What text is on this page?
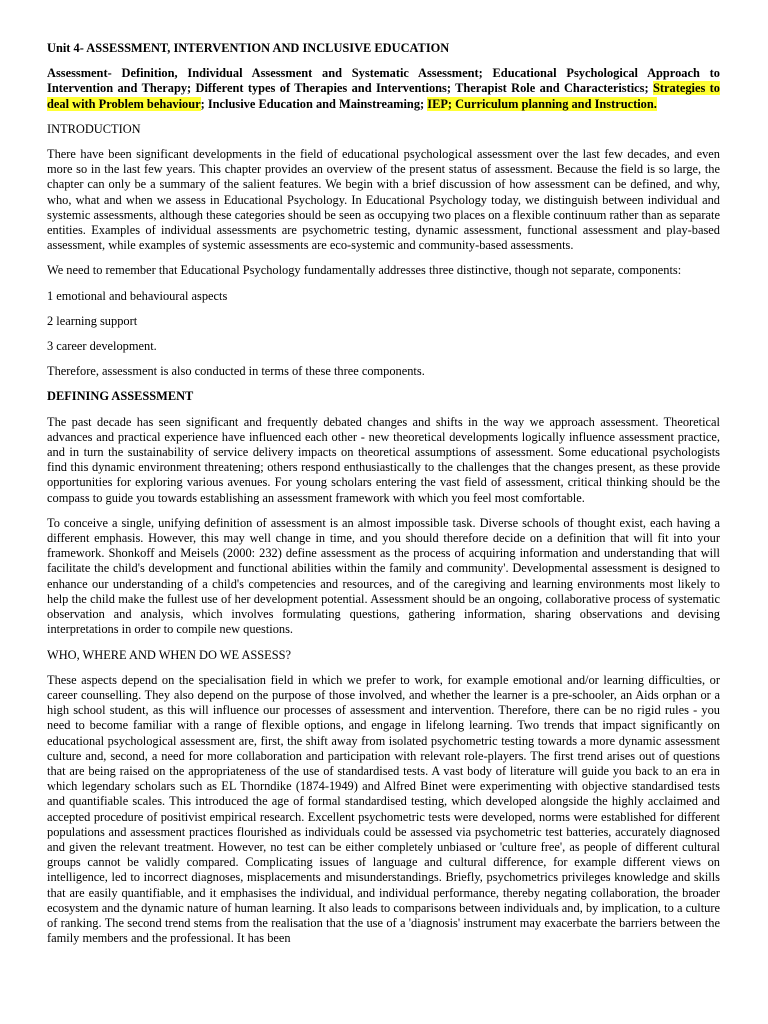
Unit 4- ASSESSMENT, INTERVENTION AND INCLUSIVE EDUCATION

Assessment- Definition, Individual Assessment and Systematic Assessment; Educational Psychological Approach to Intervention and Therapy; Different types of Therapies and Interventions; Therapist Role and Characteristics; Strategies to deal with Problem behaviour; Inclusive Education and Mainstreaming; IEP; Curriculum planning and Instruction.

INTRODUCTION

There have been significant developments in the field of educational psychological assessment over the last few decades, and even more so in the last few years. This chapter provides an overview of the present status of assessment. Because the field is so large, the chapter can only be a summary of the salient features. We begin with a brief discussion of how assessment can be defined, and why, who, what and when we assess in Educational Psychology. In Educational Psychology today, we distinguish between individual and systemic assessments, although these categories should be seen as occupying two places on a flexible continuum rather than as separate entities. Examples of individual assessments are psychometric testing, dynamic assessment, functional assessment and play-based assessment, while examples of systemic assessments are eco-systemic and community-based assessments.

We need to remember that Educational Psychology fundamentally addresses three distinctive, though not separate, components:

1 emotional and behavioural aspects

2 learning support

3 career development.

Therefore, assessment is also conducted in terms of these three components.

DEFINING ASSESSMENT

The past decade has seen significant and frequently debated changes and shifts in the way we approach assessment. Theoretical advances and practical experience have influenced each other - new theoretical developments logically influence assessment practice, and in turn the sustainability of service delivery impacts on theoretical assumptions of assessment. Some educational psychologists find this dynamic environment threatening; others respond enthusiastically to the challenges that the changes present, as these provide opportunities for exploring various avenues. For young scholars entering the vast field of assessment, critical thinking should be the compass to guide you towards establishing an assessment framework with which you feel most comfortable.

To conceive a single, unifying definition of assessment is an almost impossible task. Diverse schools of thought exist, each having a different emphasis. However, this may well change in time, and you should therefore decide on a definition that will fit into your framework. Shonkoff and Meisels (2000: 232) define assessment as the process of acquiring information and understanding that will facilitate the child's development and functional abilities within the family and community'. Developmental assessment is designed to enhance our understanding of a child's competencies and resources, and of the caregiving and learning environments most likely to help the child make the fullest use of her development potential. Assessment should be an ongoing, collaborative process of systematic observation and analysis, which involves formulating questions, gathering information, sharing observations and devising interpretations in order to compile new questions.

WHO, WHERE AND WHEN DO WE ASSESS?

These aspects depend on the specialisation field in which we prefer to work, for example emotional and/or learning difficulties, or career counselling. They also depend on the purpose of those involved, and whether the learner is a pre-schooler, an Aids orphan or a high school student, as this will influence our processes of assessment and intervention. Therefore, there can be no rigid rules - you need to become familiar with a range of flexible options, and engage in lifelong learning. Two trends that impact significantly on educational psychological assessment are, first, the shift away from isolated psychometric testing towards a more dynamic assessment culture and, second, a need for more collaboration and participation with relevant role-players. The first trend arises out of questions that are being raised on the appropriateness of the use of standardised tests. A vast body of literature will guide you back to an era in which legendary scholars such as EL Thorndike (1874-1949) and Alfred Binet were experimenting with objective standardised tests and quantifiable scales. This introduced the age of formal standardised testing, which developed alongside the highly acclaimed and accepted procedure of positivist empirical research. Excellent psychometric tests were developed, norms were established for different populations and assessment practices flourished as individuals could be assessed via psychometric test batteries, accurately diagnosed and given the relevant treatment. However, no test can be either completely unbiased or 'culture free', as people of different cultural groups cannot be validly compared. Complicating issues of language and cultural difference, for example different views on intelligence, led to incorrect diagnoses, misplacements and misunderstandings. Briefly, psychometrics privileges knowledge and skills that are easily quantifiable, and it emphasises the individual, and individual performance, thereby negating collaboration, the broader ecosystem and the dynamic nature of human learning. It also leads to comparisons between individuals and, by implication, to a culture of ranking. The second trend stems from the realisation that the use of a 'diagnosis' instrument may exacerbate the barriers between the family members and the professional. It has been
